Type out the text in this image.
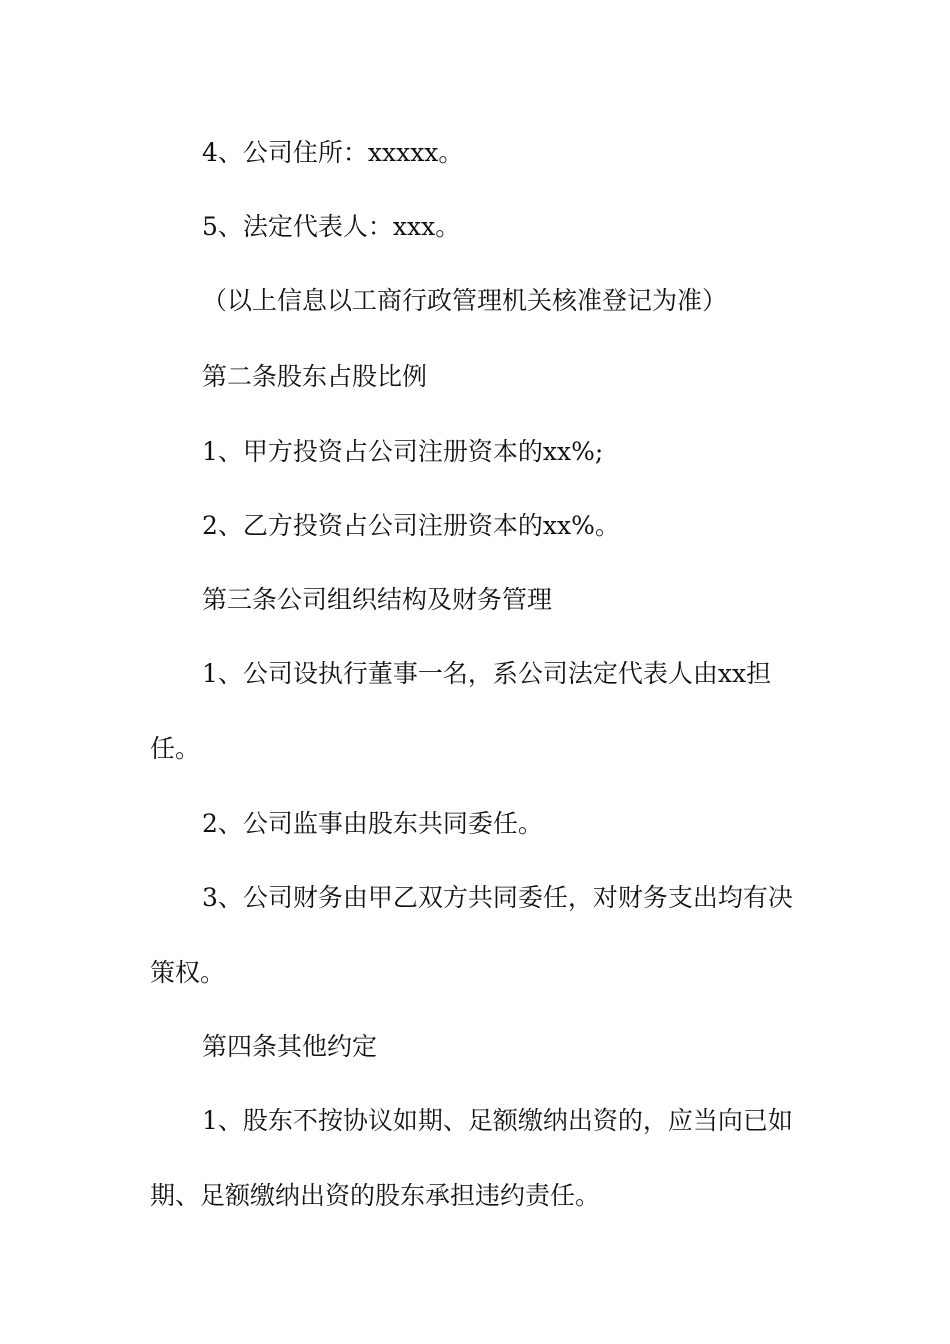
4、公司住所：xxxxx。
5、法定代表人：xxx。
（以上信息以工商行政管理机关核准登记为准）
第二条股东占股比例
1、甲方投资占公司注册资本的xx%;
2、乙方投资占公司注册资本的xx%。
第三条公司组织结构及财务管理
1、公司设执行董事一名，系公司法定代表人由xx担
任。
2、公司监事由股东共同委任。
3、公司财务由甲乙双方共同委任，对财务支出均有决
策权。
第四条其他约定
1、股东不按协议如期、足额缴纳出资的，应当向已如
期、足额缴纳出资的股东承担违约责任。
